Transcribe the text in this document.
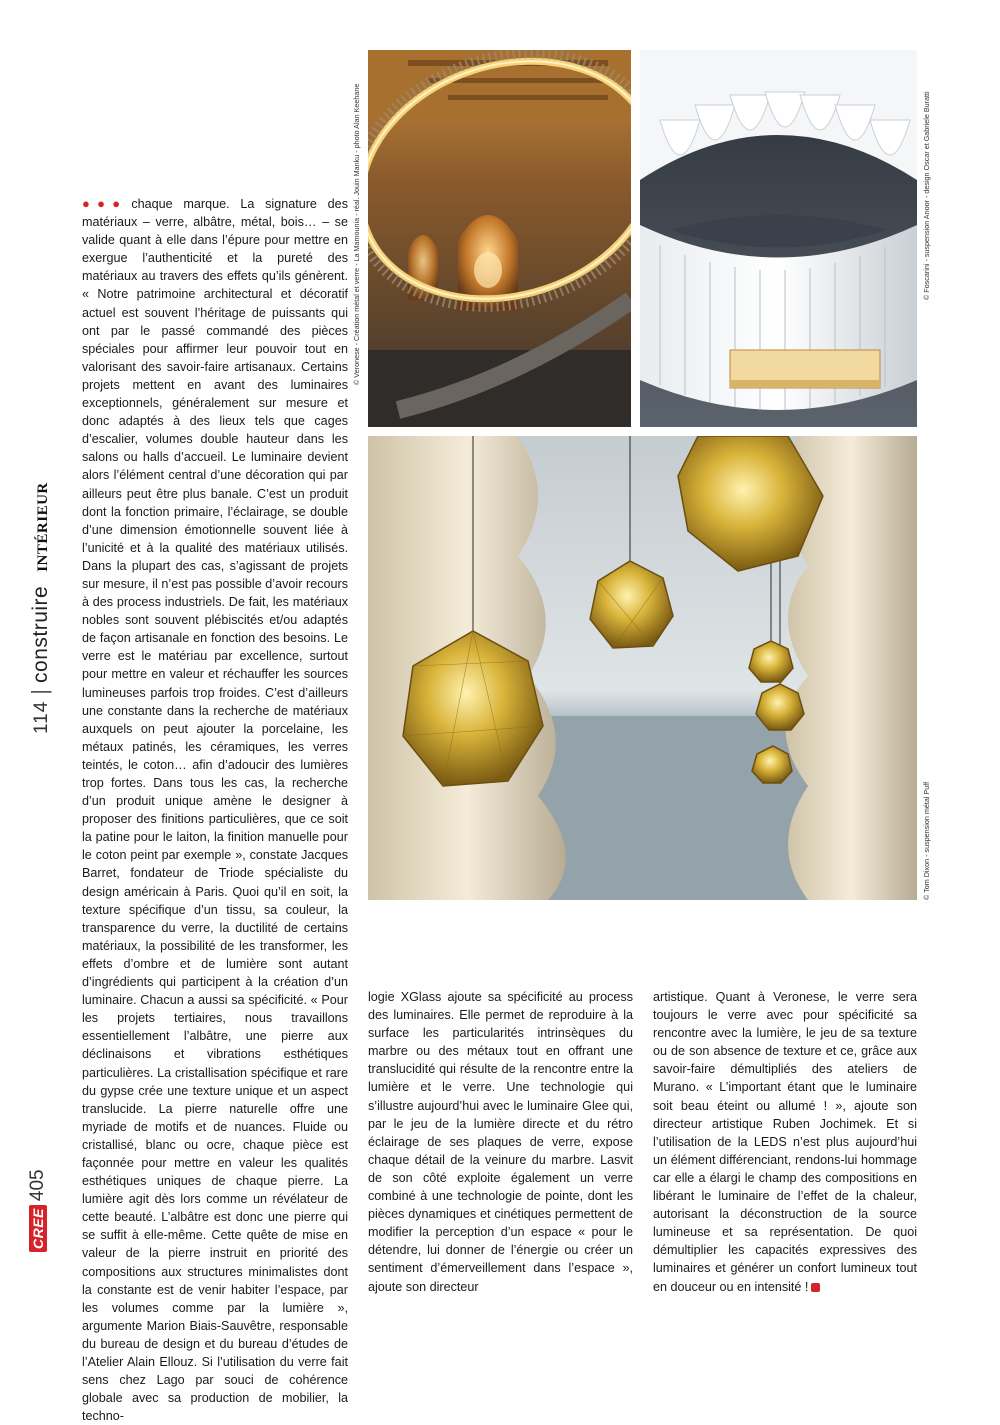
114|construireINTÉRIEUR
CREE405
© Veronese - Création métal et verre - La Mamounia - réal. Jouin Manku - photo Alan Keehane	© Foscarini - suspension Anoor - design Oscar et Gabriele Buratti
© Tom Dixon - suspension métal Puff

●●● chaque marque. La signature des matériaux – verre, albâtre, métal, bois… – se valide quant à elle dans l’épure pour mettre en exergue l’authenticité et la pureté des matériaux au travers des effets qu’ils génèrent. « Notre patrimoine architectural et décoratif actuel est souvent l’héritage de puissants qui ont par le passé commandé des pièces spéciales pour affirmer leur pouvoir tout en valorisant des savoir-faire artisanaux. Certains projets mettent en avant des luminaires exceptionnels, généralement sur mesure et donc adaptés à des lieux tels que cages d’escalier, volumes double hauteur dans les salons ou halls d’accueil. Le luminaire devient alors l’élément central d’une décoration qui par ailleurs peut être plus banale. C’est un produit dont la fonction primaire, l’éclairage, se double d’une dimension émotionnelle souvent liée à l’unicité et à la qualité des matériaux utilisés. Dans la plupart des cas, s’agissant de projets sur mesure, il n’est pas possible d’avoir recours à des process industriels. De fait, les matériaux nobles sont souvent plébiscités et/ou adaptés de façon artisanale en fonction des besoins. Le verre est le matériau par excellence, surtout pour mettre en valeur et réchauffer les sources lumineuses parfois trop froides. C’est d’ailleurs une constante dans la recherche de matériaux auxquels on peut ajouter la porcelaine, les métaux patinés, les céramiques, les verres teintés, le coton… afin d’adoucir des lumières trop fortes. Dans tous les cas, la recherche d’un produit unique amène le designer à proposer des finitions particulières, que ce soit la patine pour le laiton, la finition manuelle pour le coton peint par exemple », constate Jacques Barret, fondateur de Triode spécialiste du design américain à Paris. Quoi qu’il en soit, la texture spécifique d’un tissu, sa couleur, la transparence du verre, la ductilité de certains matériaux, la possibilité de les transformer, les effets d’ombre et de lumière sont autant d’ingrédients qui participent à la création d’un luminaire. Chacun a aussi sa spécificité. « Pour les projets tertiaires, nous travaillons essentiellement l’albâtre, une pierre aux déclinaisons et vibrations esthétiques particulières. La cristallisation spécifique et rare du gypse crée une texture unique et un aspect translucide. La pierre naturelle offre une myriade de motifs et de nuances. Fluide ou cristallisé, blanc ou ocre, chaque pièce est façonnée pour mettre en valeur les qualités esthétiques uniques de chaque pierre. La lumière agit dès lors comme un révélateur de cette beauté. L’albâtre est donc une pierre qui se suffit à elle-même. Cette quête de mise en valeur de la pierre instruit en priorité des compositions aux structures minimalistes dont la constante est de venir habiter l’espace, par les volumes comme par la lumière », argumente Marion Biais-Sauvêtre, responsable du bureau de design et du bureau d’études de l’Atelier Alain Ellouz. Si l’utilisation du verre fait sens chez Lago par souci de cohérence globale avec sa production de mobilier, la techno-

logie XGlass ajoute sa spécificité au process des luminaires. Elle permet de reproduire à la surface les particularités intrinsèques du marbre ou des métaux tout en offrant une translucidité qui résulte de la rencontre entre la lumière et le verre. Une technologie qui s’illustre aujourd’hui avec le luminaire Glee qui, par le jeu de la lumière directe et du rétro éclairage de ses plaques de verre, expose chaque détail de la veinure du marbre. Lasvit de son côté exploite également un verre combiné à une technologie de pointe, dont les pièces dynamiques et cinétiques permettent de modifier la perception d’un espace « pour le détendre, lui donner de l’énergie ou créer un sentiment d’émerveillement dans l’espace », ajoute son directeur

artistique. Quant à Veronese, le verre sera toujours le verre avec pour spécificité sa rencontre avec la lumière, le jeu de sa texture ou de son absence de texture et ce, grâce aux savoir-faire démultipliés des ateliers de Murano. « L’important étant que le luminaire soit beau éteint ou allumé ! », ajoute son directeur artistique Ruben Jochimek. Et si l’utilisation de la LEDS n’est plus aujourd’hui un élément différenciant, rendons-lui hommage car elle a élargi le champ des compositions en libérant le luminaire de l’effet de la chaleur, autorisant la déconstruction de la source lumineuse et sa représentation. De quoi démultiplier les capacités expressives des luminaires et générer un confort lumineux tout en douceur ou en intensité !
